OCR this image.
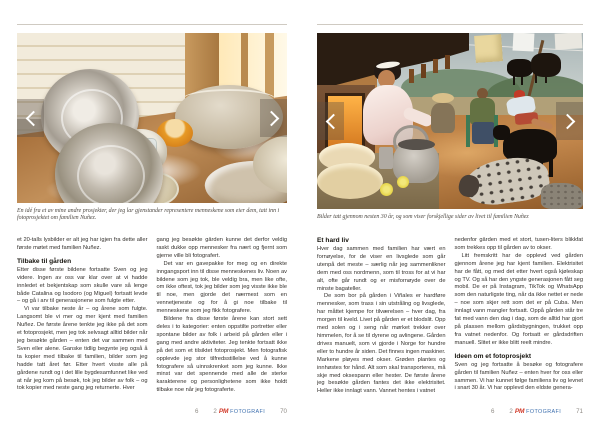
En idé fra et av mine andre prosjekter, der jeg lar gjenstander representere menneskene som eier dem, tatt inn i fotoprosjektet om familien Nuñez.

et 20-talls lysbilder er alt jeg har igjen fra dette aller første møtet med familien Nuñez.

Tilbake til gården

Etter disse første bildene fortsatte Sven og jeg videre. Ingen av oss var klar over at vi hadde innledet et bekjentskap som skulle vare så lenge både Catalina og Isodoro (og Miguel) fortsatt levde – og gå i arv til generasjonene som fulgte etter.

Vi var tilbake neste år – og årene som fulgte. Langsomt ble vi mer og mer kjent med familien Nuñez. De første årene tenkte jeg ikke på det som et fotoprosjekt, men jeg tok selvsagt alltid bilder når jeg besøkte gården – enten det var sammen med Sven eller alene. Ganske tidlig begynte jeg også å ta kopier med tilbake til familien, bilder som jeg hadde tatt året før. Etter hvert visste alle på gårdene rundt og i det lille bygdesamfunnet like ved at når jeg kom på besøk, tok jeg bilder av folk – og tok kopier med neste gang jeg returnerte. Hver

gang jeg besøkte gården kunne det derfor veldig raskt dukke opp mennesker fra nært og fjernt som gjerne ville bli fotografert.

Det var en gavepakke for meg og en direkte inngangsport inn til disse menneskenes liv. Noen av bildene som jeg tok, ble veldig bra, men like ofte, om ikke oftest, tok jeg bilder som jeg visste ikke ble til noe, men gjorde det nærmest som en vennetjeneste og for å gi noe tilbake til menneskene som jeg fikk fotografere.

Bildene fra disse første årene kan stort sett deles i to kategorier: enten oppstilte portretter eller spontane bilder av folk i arbeid på gården eller i gang med andre aktiviteter. Jeg tenkte fortsatt ikke på det som et tilsiktet fotoprosjekt. Men fotografisk opplevde jeg stor tilfredsstillelse ved å kunne fotografere så uinnskrenket som jeg kunne. Ikke minst var det spennende med alle de sterke karakterene og personlighetene som ikke holdt tilbake noe når jeg fotograferte.

6 2 PM FOTOGRAFI 70

Bilder tatt gjennom nesten 30 år, og som viser forskjellige sider av livet til familien Nuñez

Et hard liv

Hver dag sammen med familien har vært en fornøyelse, for de viser en livsglede som går utenpå det meste – særlig når jeg sammenlikner dem med oss nordmenn, som til tross for at vi har alt, ofte går rundt og er misfornøyde over de minste bagateller.

De som bor på gården i Viñales er hardføre mennesker, som trass i sin utstråling og livsglede, har måttet kjempe for tilværelsen – hver dag, fra morgen til kveld. Livet på gården er et blodslit. Opp med solen og i seng når mørket trekker over himmelen, for å se til dyrene og avlingene. Gården drives manuelt, som vi gjorde i Norge for hundre eller to hundre år siden. Det finnes ingen maskiner. Markene pløyes med okser. Grøden plantes og innhøstes for hånd. Alt som skal transporteres, må skje med oksespann eller hester. De første årene jeg besøkte gården fantes det ikke elektrisitet. Heller ikke innlagt vann. Vannet hentes i vatnet

nedenfor gården med et stort, tusen-liters blikkfat som trekkes opp til gården av to okser.

Litt fremskritt har de opplevd ved gården gjennom årene jeg har kjent familien. Elektrisitet har de fått, og med det etter hvert også kjøleskap og TV. Og så har den yngste generasjonen fått seg mobil. De er på Instagram, TikTok og WhatsApp som den naturligste ting, når da ikke nettet er nede – noe som skjer rett som det er på Cuba. Men innlagt vann mangler fortsatt. Oppå gården står tre fat med vann den dag i dag, som de alltid har gjort på plassen mellom gårdsbygningen, trukket opp fra vatnet nedenfor. Og fortsatt er gårdsdriften manuell. Slitet er ikke blitt reelt mindre.

Ideen om et fotoprosjekt

Sven og jeg fortsatte å besøke og fotografere gården til familien Nuñez – enten hver for oss eller sammen. Vi har kunnet følge familiens liv og levnet i snart 30 år. Vi har opplevd den eldste genera-

6 2 PM FOTOGRAFI 71
